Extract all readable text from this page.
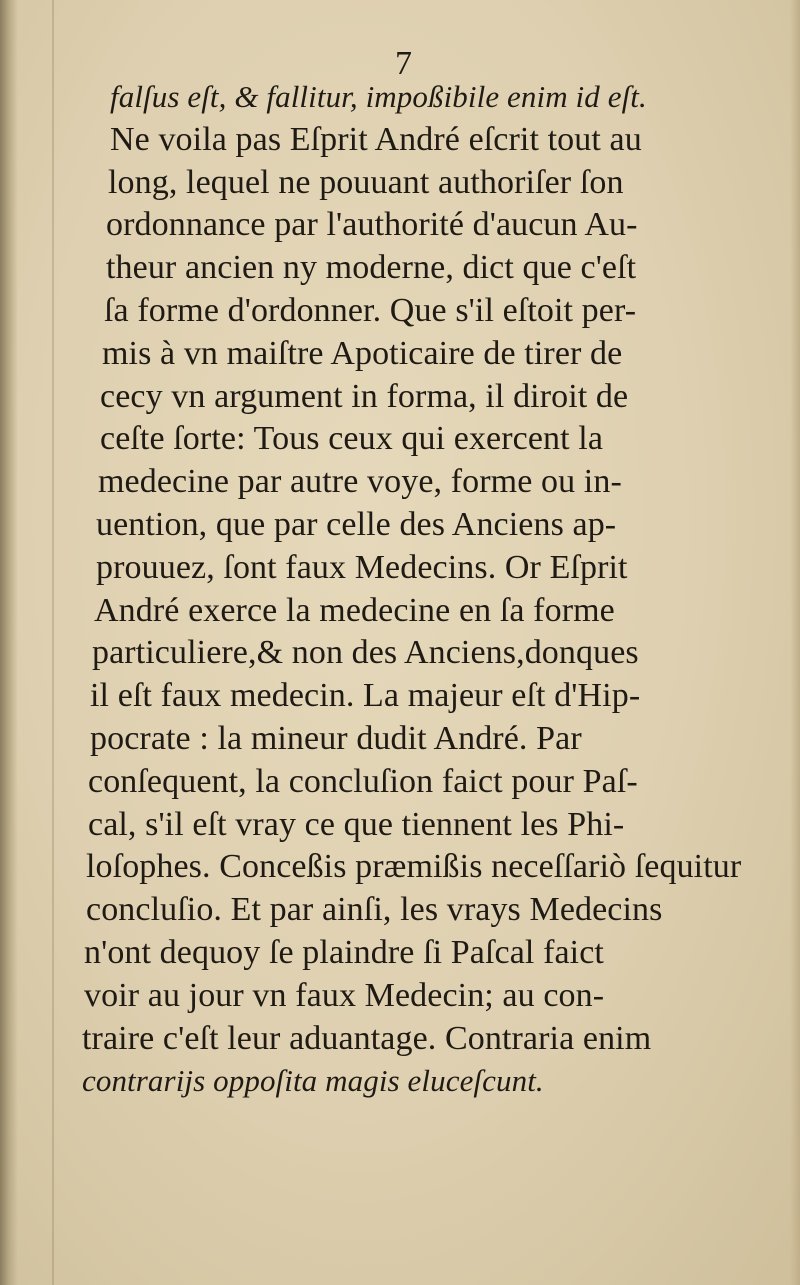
7
falſus eſt, & fallitur, impoßibile enim id eſt.
Ne voila pas Eſprit André eſcrit tout au
long, lequel ne pouuant authoriſer ſon
ordonnance par l'authorité d'aucun Au-
theur ancien ny moderne, dict que c'eſt
ſa forme d'ordonner. Que s'il eſtoit per-
mis à vn maiſtre Apoticaire de tirer de
cecy vn argument in forma, il diroit de
ceſte ſorte: Tous ceux qui exercent la
medecine par autre voye, forme ou in-
uention, que par celle des Anciens ap-
prouuez, ſont faux Medecins. Or Eſprit
André exerce la medecine en ſa forme
particuliere,& non des Anciens,donques
il eſt faux medecin. La majeur eſt d'Hip-
pocrate : la mineur dudit André. Par
conſequent, la concluſion faict pour Paſ-
cal, s'il eſt vray ce que tiennent les Phi-
loſophes. Conceßis præmißis neceſſariò ſequitur
concluſio. Et par ainſi, les vrays Medecins
n'ont dequoy ſe plaindre ſi Paſcal faict
voir au jour vn faux Medecin; au con-
traire c'eſt leur aduantage. Contraria enim
contrarijs oppoſita magis eluceſcunt.
